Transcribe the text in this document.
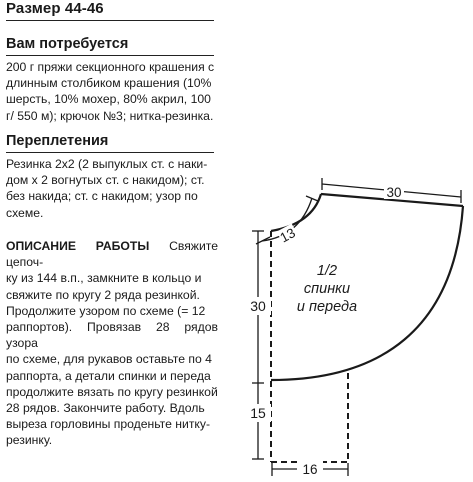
Размер 44-46
Вам потребуется
200 г пряжи секционного крашения с
длинным столбиком крашения (10%
шерсть, 10% мохер, 80% акрил, 100
г/ 550 м); крючок №3; нитка-резинка.
Переплетения
Резинка 2x2 (2 выпуклых ст. с наки-
дом х 2 вогнутых ст. с накидом); ст.
без накида; ст. с накидом; узор по
схеме.
ОПИСАНИЕ РАБОТЫ Свяжите цепоч-
ку из 144 в.п., замкните в кольцо и
свяжите по кругу 2 ряда резинкой.
Продолжите узором по схеме (= 12
раппортов). Провязав 28 рядов узора
по схеме, для рукавов оставьте по 4
раппорта, а детали спинки и переда
продолжите вязать по кругу резинкой
28 рядов. Закончите работу. Вдоль
выреза горловины проденьте нитку-
резинку.
13
30
30
15
16
1/2
спинки
и переда
